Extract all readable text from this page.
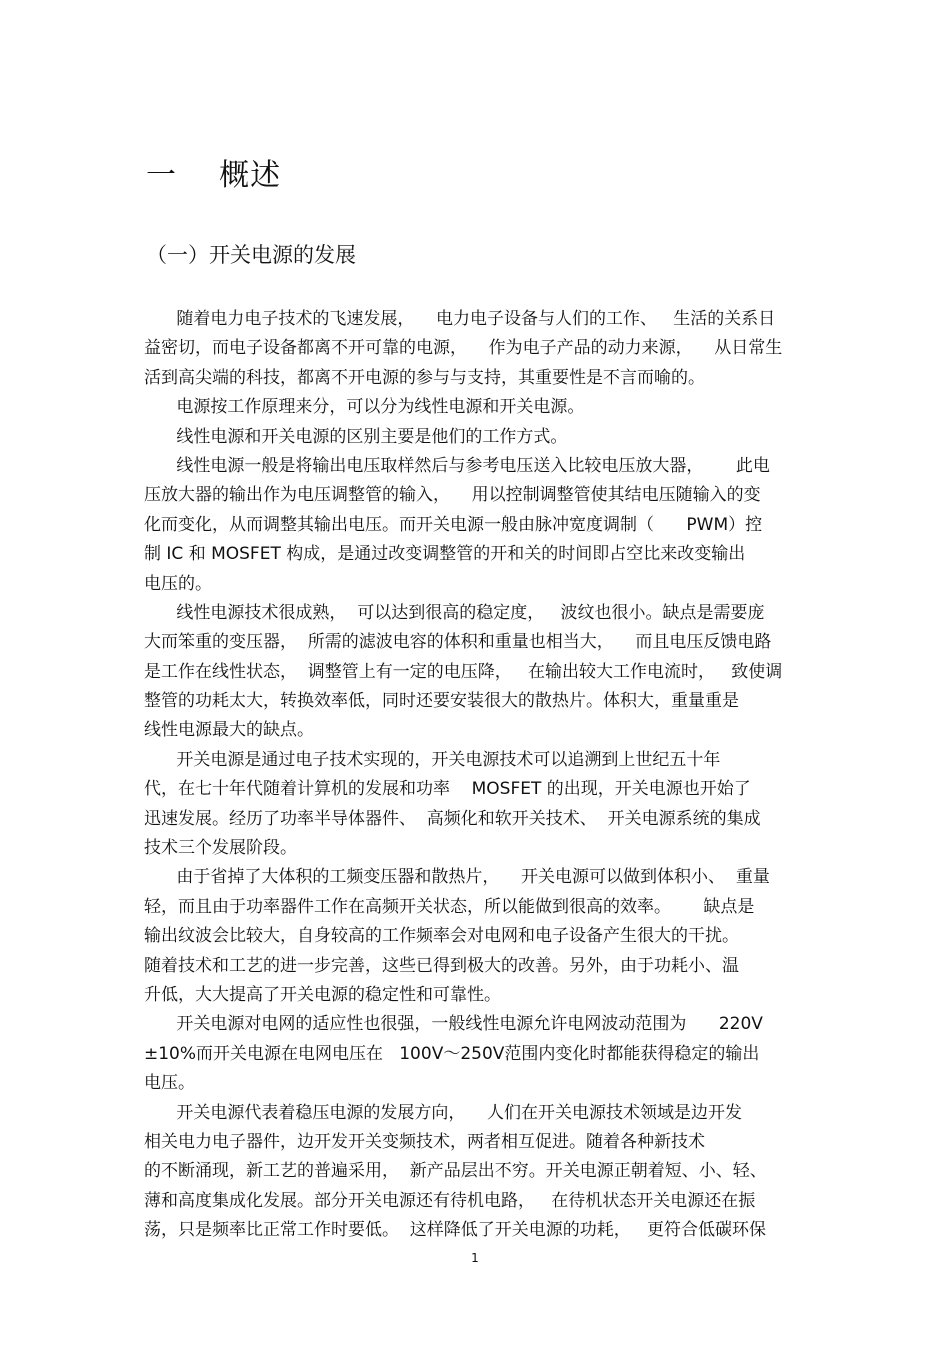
一    概述
（一）开关电源的发展
随着电力电子技术的飞速发展，    电力电子设备与人们的工作、   生活的关系日
益密切，而电子设备都离不开可靠的电源，    作为电子产品的动力来源，    从日常生
活到高尖端的科技，都离不开电源的参与与支持，其重要性是不言而喻的。
电源按工作原理来分，可以分为线性电源和开关电源。
线性电源和开关电源的区别主要是他们的工作方式。
线性电源一般是将输出电压取样然后与参考电压送入比较电压放大器，      此电
压放大器的输出作为电压调整管的输入，    用以控制调整管使其结电压随输入的变
化而变化，从而调整其输出电压。而开关电源一般由脉冲宽度调制（      PWM）控
制 IC 和 MOSFET 构成，是通过改变调整管的开和关的时间即占空比来改变输出
电压的。
线性电源技术很成熟，  可以达到很高的稳定度，   波纹也很小。缺点是需要庞
大而笨重的变压器，  所需的滤波电容的体积和重量也相当大，    而且电压反馈电路
是工作在线性状态，  调整管上有一定的电压降，   在输出较大工作电流时，   致使调
整管的功耗太大，转换效率低，同时还要安装很大的散热片。体积大，重量重是
线性电源最大的缺点。
开关电源是通过电子技术实现的，开关电源技术可以追溯到上世纪五十年
代，在七十年代随着计算机的发展和功率    MOSFET 的出现，开关电源也开始了
迅速发展。经历了功率半导体器件、  高频化和软开关技术、  开关电源系统的集成
技术三个发展阶段。
由于省掉了大体积的工频变压器和散热片，    开关电源可以做到体积小、  重量
轻，而且由于功率器件工作在高频开关状态，所以能做到很高的效率。      缺点是
输出纹波会比较大，自身较高的工作频率会对电网和电子设备产生很大的干扰。
随着技术和工艺的进一步完善，这些已得到极大的改善。另外，由于功耗小、温
升低，大大提高了开关电源的稳定性和可靠性。
开关电源对电网的适应性也很强，一般线性电源允许电网波动范围为      220V
±10%而开关电源在电网电压在   100V～250V范围内变化时都能获得稳定的输出
电压。
开关电源代表着稳压电源的发展方向，    人们在开关电源技术领域是边开发
相关电力电子器件，边开发开关变频技术，两者相互促进。随着各种新技术
的不断涌现，新工艺的普遍采用，  新产品层出不穷。开关电源正朝着短、小、轻、
薄和高度集成化发展。部分开关电源还有待机电路，   在待机状态开关电源还在振
荡，只是频率比正常工作时要低。  这样降低了开关电源的功耗，   更符合低碳环保
1
